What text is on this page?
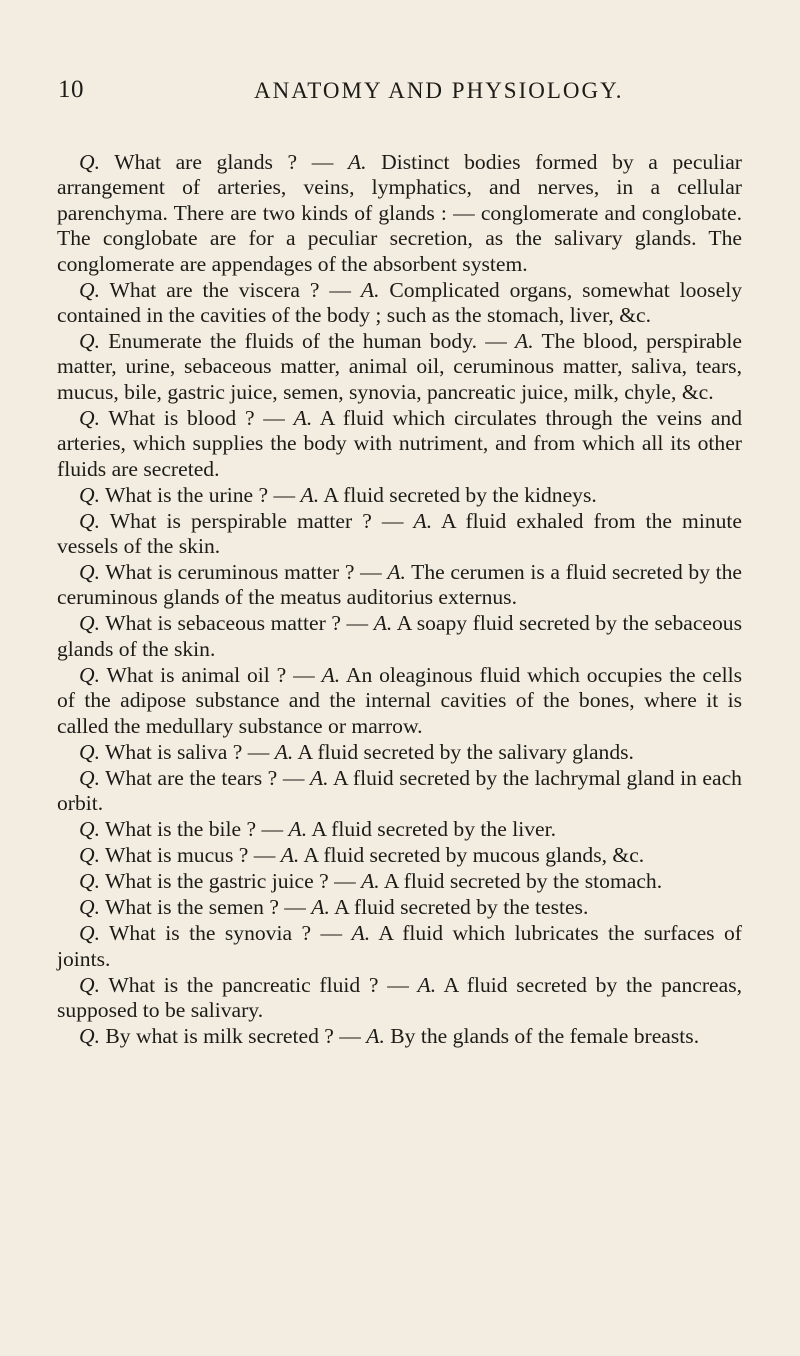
10	ANATOMY AND PHYSIOLOGY.

Q. What are glands ? — A. Distinct bodies formed by a peculiar arrangement of arteries, veins, lymphatics, and nerves, in a cellular parenchyma. There are two kinds of glands : — conglomerate and conglobate. The conglobate are for a peculiar secretion, as the salivary glands. The conglomerate are appendages of the absorbent system.

Q. What are the viscera ? — A. Complicated organs, somewhat loosely contained in the cavities of the body ; such as the stomach, liver, &c.

Q. Enumerate the fluids of the human body. — A. The blood, perspirable matter, urine, sebaceous matter, animal oil, ceruminous matter, saliva, tears, mucus, bile, gastric juice, semen, synovia, pancreatic juice, milk, chyle, &c.

Q. What is blood ? — A. A fluid which circulates through the veins and arteries, which supplies the body with nutriment, and from which all its other fluids are secreted.

Q. What is the urine ? — A. A fluid secreted by the kidneys.

Q. What is perspirable matter ? — A. A fluid exhaled from the minute vessels of the skin.

Q. What is ceruminous matter ? — A. The cerumen is a fluid secreted by the ceruminous glands of the meatus auditorius externus.

Q. What is sebaceous matter ? — A. A soapy fluid secreted by the sebaceous glands of the skin.

Q. What is animal oil ? — A. An oleaginous fluid which occupies the cells of the adipose substance and the internal cavities of the bones, where it is called the medullary substance or marrow.

Q. What is saliva ? — A. A fluid secreted by the salivary glands.

Q. What are the tears ? — A. A fluid secreted by the lachrymal gland in each orbit.

Q. What is the bile ? — A. A fluid secreted by the liver.

Q. What is mucus ? — A. A fluid secreted by mucous glands, &c.

Q. What is the gastric juice ? — A. A fluid secreted by the stomach.

Q. What is the semen ? — A. A fluid secreted by the testes.

Q. What is the synovia ? — A. A fluid which lubricates the surfaces of joints.

Q. What is the pancreatic fluid ? — A. A fluid secreted by the pancreas, supposed to be salivary.

Q. By what is milk secreted ? — A. By the glands of the female breasts.
